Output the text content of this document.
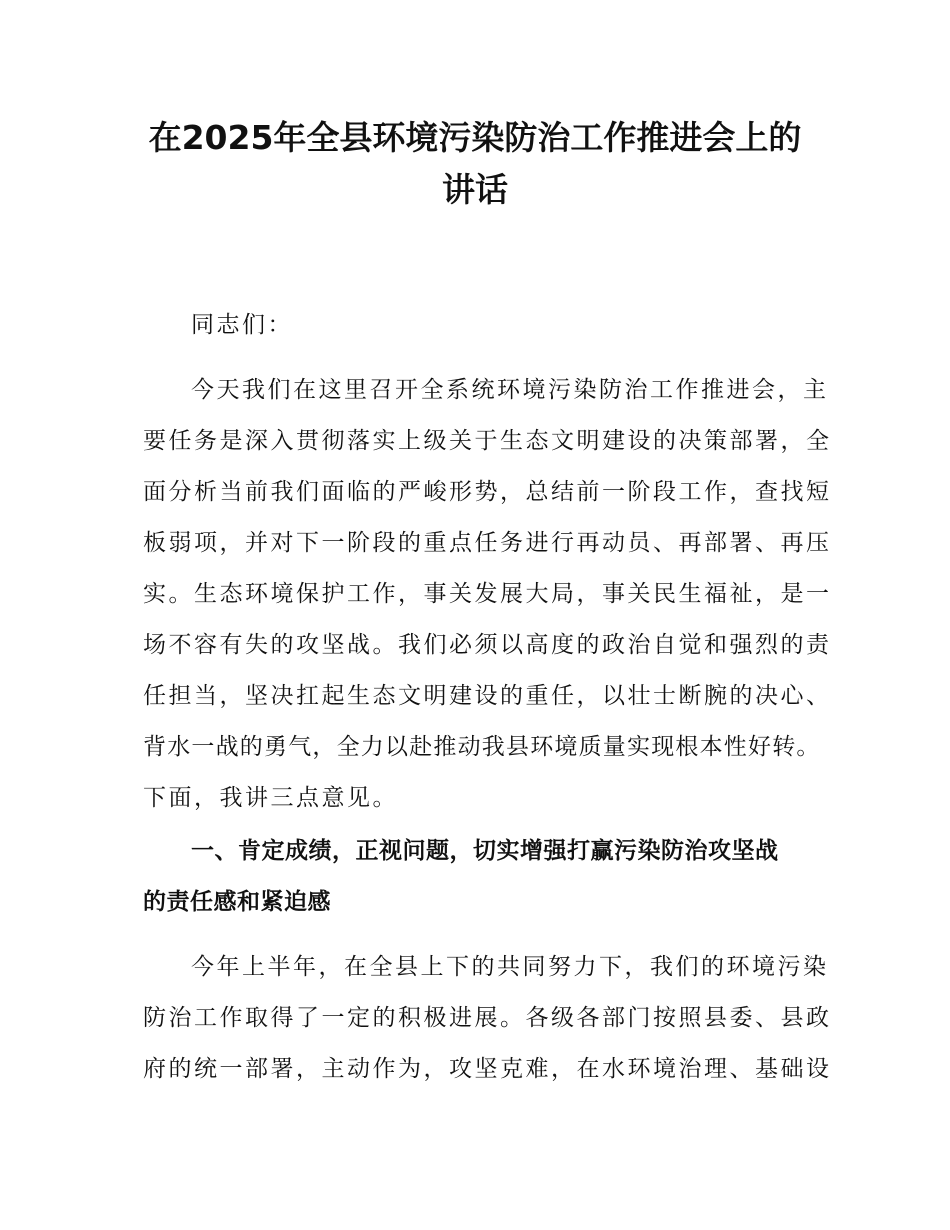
在2025年全县环境污染防治工作推进会上的
讲话
同志们：
今天我们在这里召开全系统环境污染防治工作推进会，主
要任务是深入贯彻落实上级关于生态文明建设的决策部署，全
面分析当前我们面临的严峻形势，总结前一阶段工作，查找短
板弱项，并对下一阶段的重点任务进行再动员、再部署、再压
实。生态环境保护工作，事关发展大局，事关民生福祉，是一
场不容有失的攻坚战。我们必须以高度的政治自觉和强烈的责
任担当，坚决扛起生态文明建设的重任，以壮士断腕的决心、
背水一战的勇气，全力以赴推动我县环境质量实现根本性好转。
下面，我讲三点意见。
一、肯定成绩，正视问题，切实增强打赢污染防治攻坚战
的责任感和紧迫感
今年上半年，在全县上下的共同努力下，我们的环境污染
防治工作取得了一定的积极进展。各级各部门按照县委、县政
府的统一部署，主动作为，攻坚克难，在水环境治理、基础设
